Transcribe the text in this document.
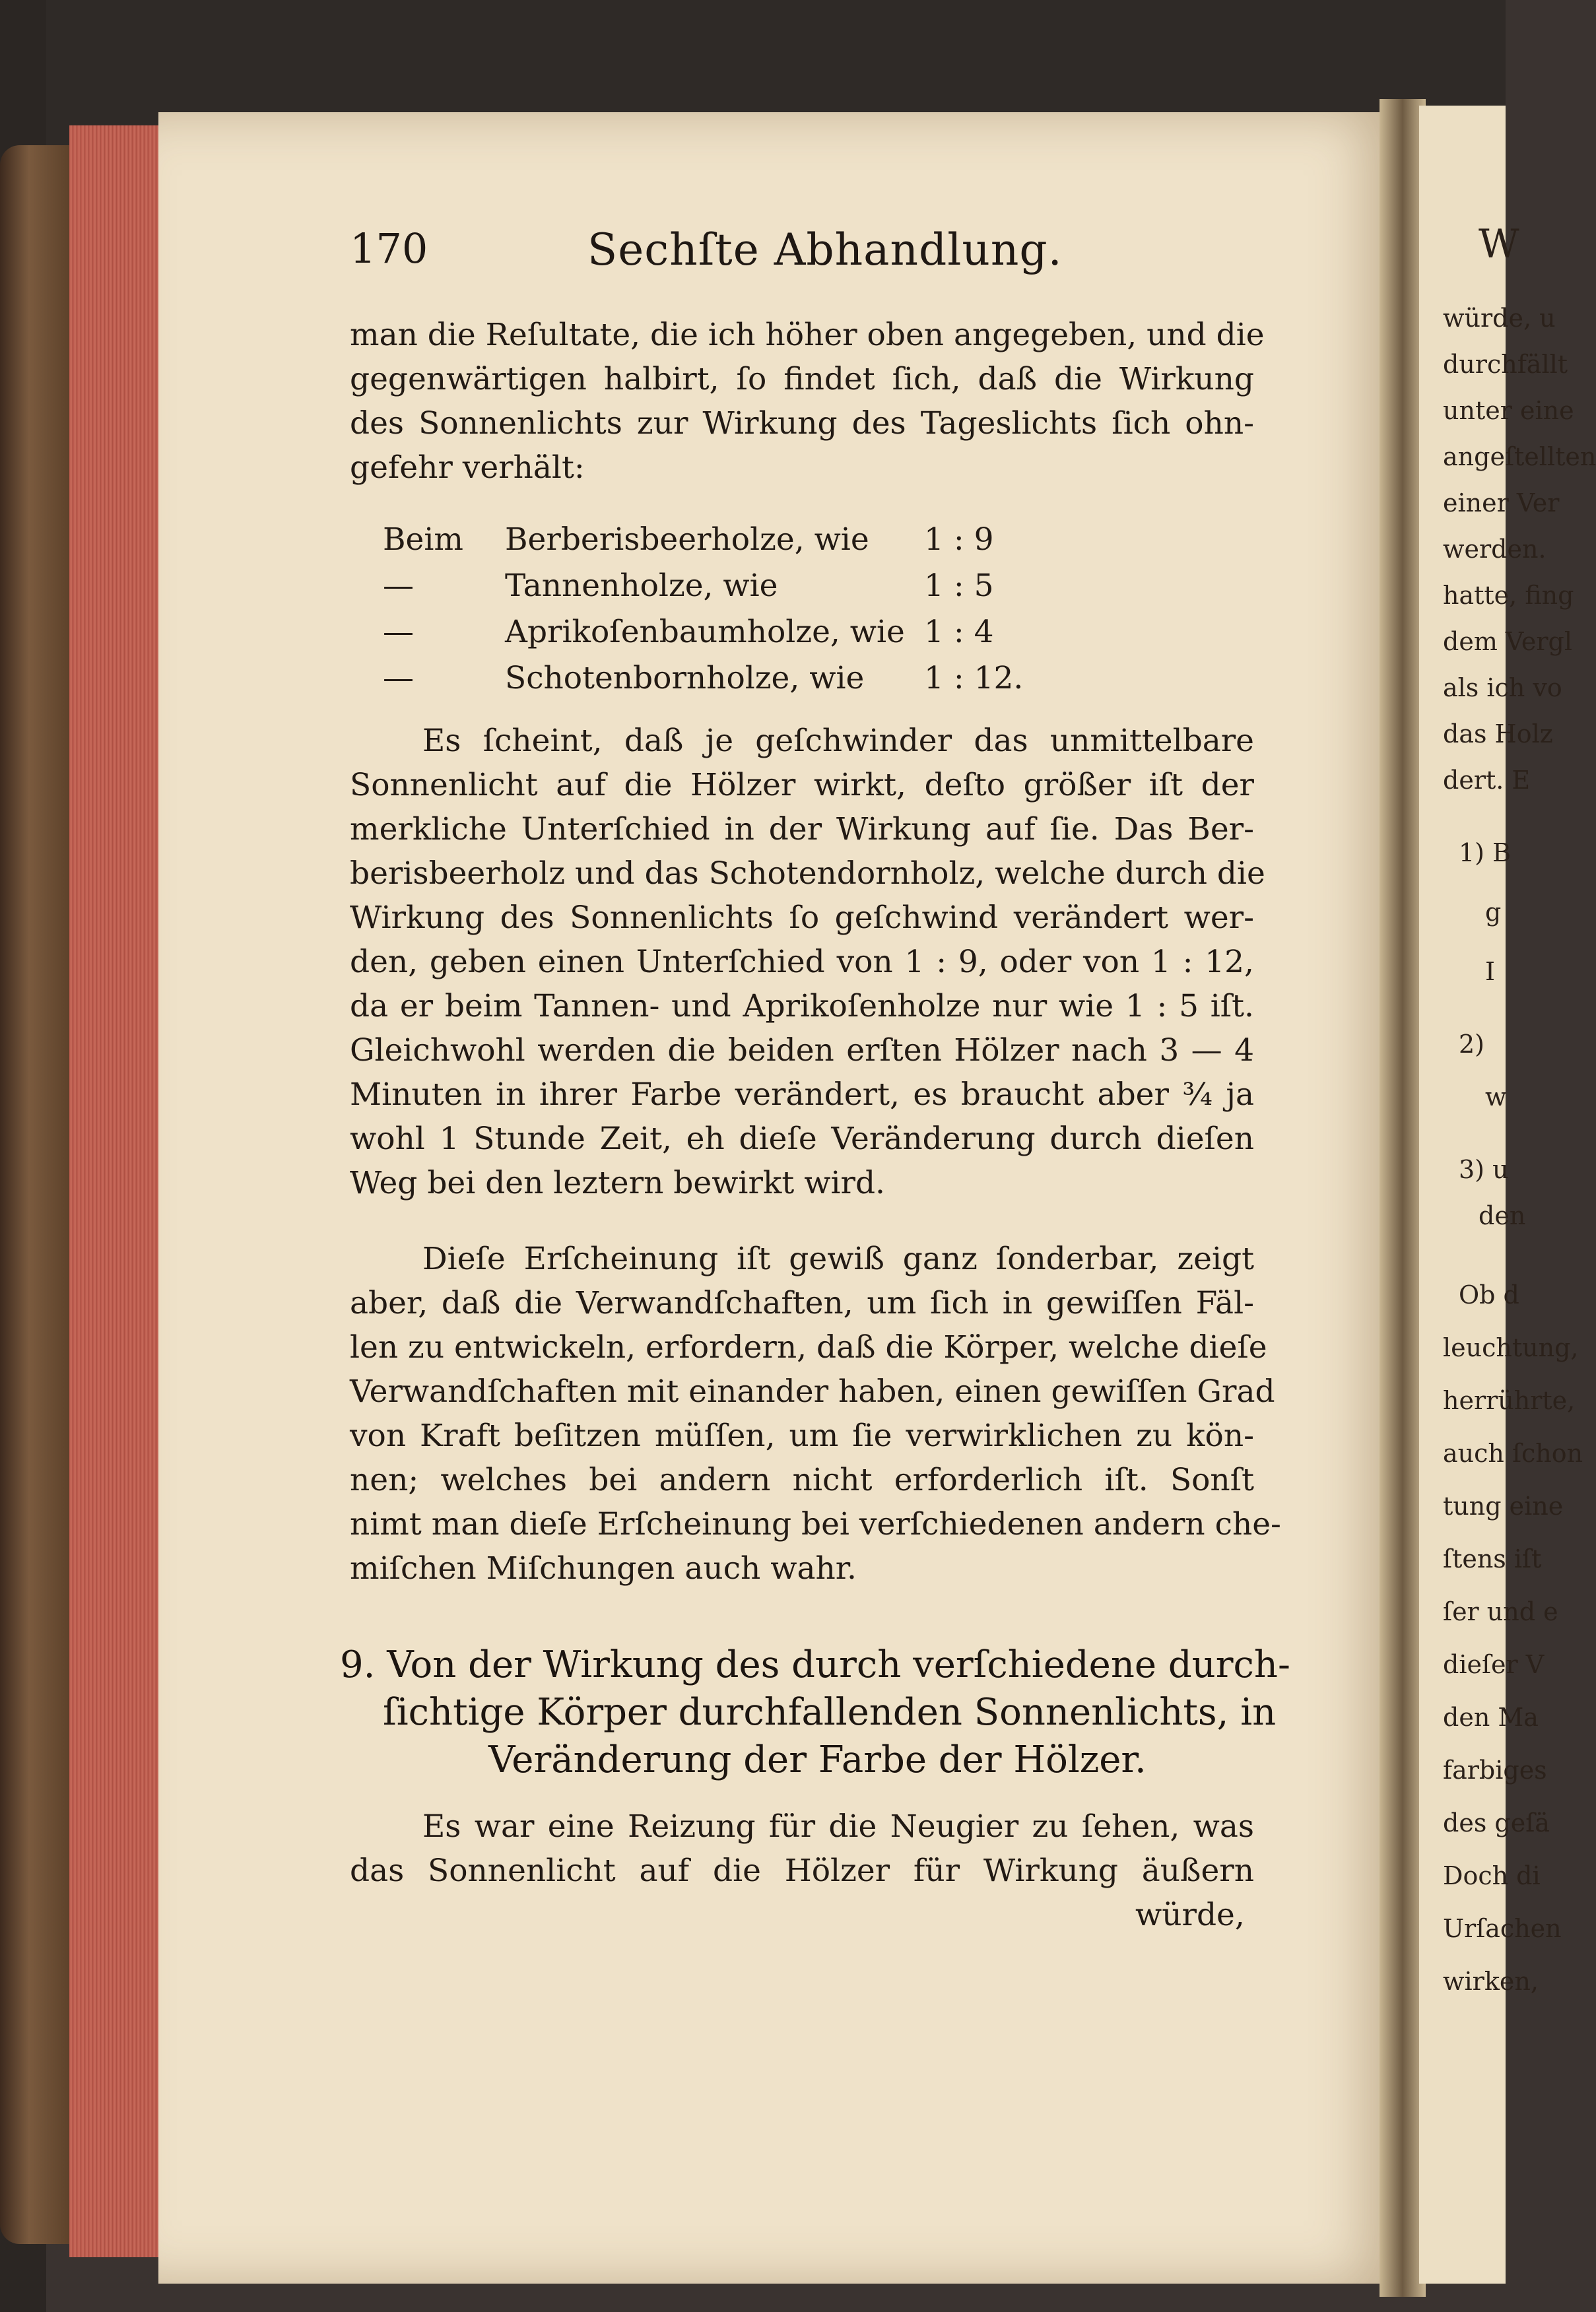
W
würde, u
durchfällt
unter eine
angeſtellten
einer Ver
werden.
hatte, fing
dem Vergl
als ich vo
das Holz
dert. E
1) B
g
I
2)
w
3) u
den
Ob d
leuchtung,
herrührte,
auch ſchon
tung eine
ſtens iſt
ſer und e
dieſer V
den Ma
farbiges
des geſä
Doch di
Urſachen
wirken,
170	Sechſte Abhandlung.
man die Reſultate, die ich höher oben angegeben, und die
gegenwärtigen halbirt, ſo findet ſich, daß die Wirkung
des Sonnenlichts zur Wirkung des Tageslichts ſich ohn-
gefehr verhält:
Beim Berberisbeerholze, wie 1 : 9
—	Tannenholze, wie	1 : 5
—	Aprikoſenbaumholze, wie 1 : 4
—	Schotenbornholze, wie 1 : 12.
Es ſcheint, daß je geſchwinder das unmittelbare
Sonnenlicht auf die Hölzer wirkt, deſto größer iſt der
merkliche Unterſchied in der Wirkung auf ſie. Das Ber-
berisbeerholz und das Schotendornholz, welche durch die
Wirkung des Sonnenlichts ſo geſchwind verändert wer-
den, geben einen Unterſchied von 1 : 9, oder von 1 : 12,
da er beim Tannen- und Aprikoſenholze nur wie 1 : 5 iſt.
Gleichwohl werden die beiden erſten Hölzer nach 3 — 4
Minuten in ihrer Farbe verändert, es braucht aber ¾ ja
wohl 1 Stunde Zeit, eh dieſe Veränderung durch dieſen
Weg bei den leztern bewirkt wird.
Dieſe Erſcheinung iſt gewiß ganz ſonderbar, zeigt
aber, daß die Verwandſchaften, um ſich in gewiſſen Fäl-
len zu entwickeln, erfordern, daß die Körper, welche dieſe
Verwandſchaften mit einander haben, einen gewiſſen Grad
von Kraft beſitzen müſſen, um ſie verwirklichen zu kön-
nen; welches bei andern nicht erforderlich iſt. Sonſt
nimt man dieſe Erſcheinung bei verſchiedenen andern che-
miſchen Miſchungen auch wahr.
9. Von der Wirkung des durch verſchiedene durch-
ſichtige Körper durchfallenden Sonnenlichts, in
Veränderung der Farbe der Hölzer.
Es war eine Reizung für die Neugier zu ſehen, was
das Sonnenlicht auf die Hölzer für Wirkung äußern
würde,
